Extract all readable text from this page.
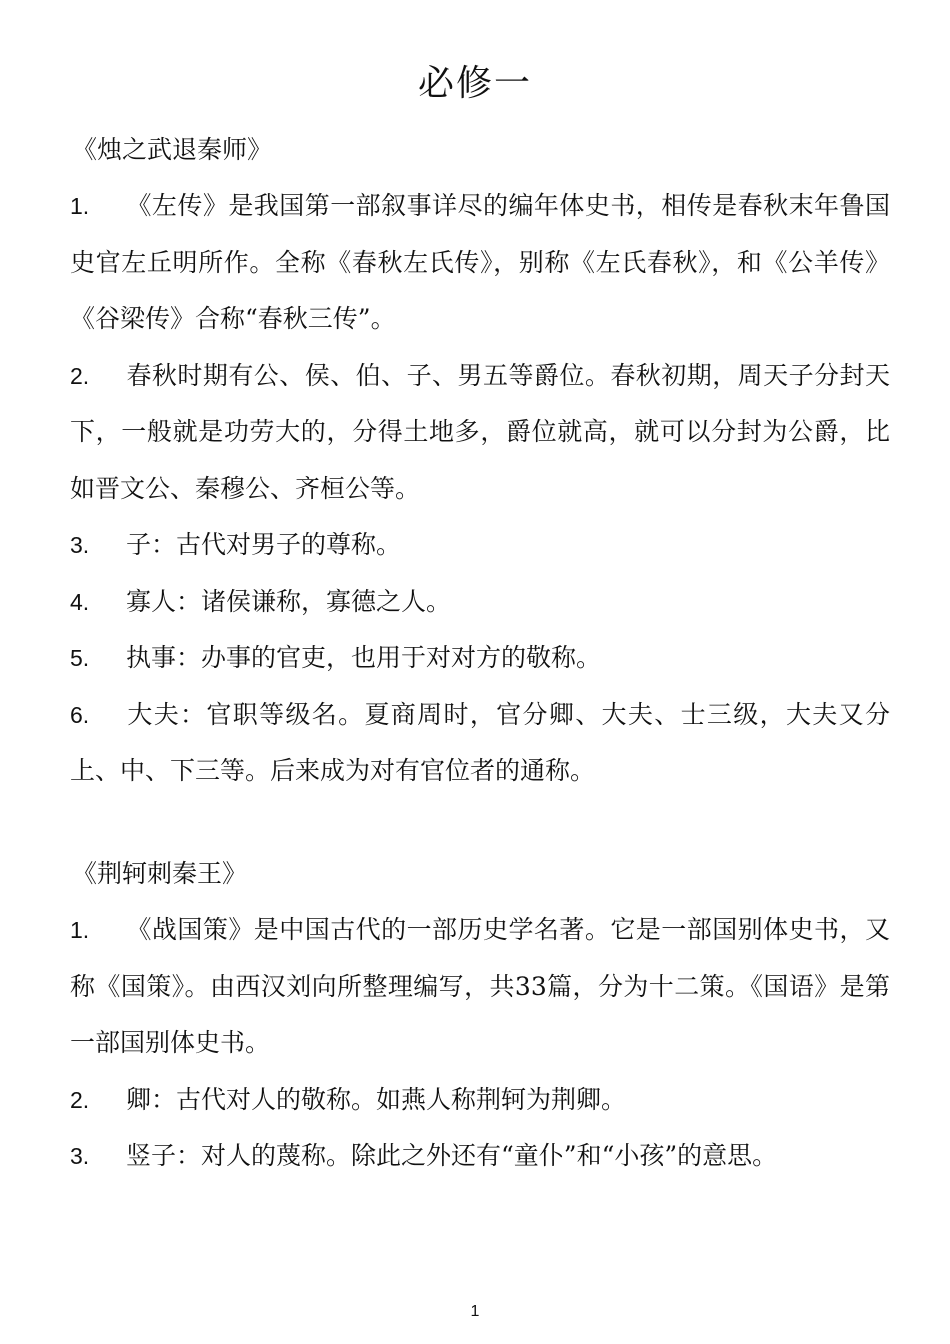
必修一
《烛之武退秦师》
1. 《左传》是我国第一部叙事详尽的编年体史书，相传是春秋末年鲁国史官左丘明所作。全称《春秋左氏传》，别称《左氏春秋》，和《公羊传》《谷梁传》合称“春秋三传”。
2. 春秋时期有公、侯、伯、子、男五等爵位。春秋初期，周天子分封天下，一般就是功劳大的，分得土地多，爵位就高，就可以分封为公爵，比如晋文公、秦穆公、齐桓公等。
3. 子：古代对男子的尊称。
4. 寡人：诸侯谦称，寡德之人。
5. 执事：办事的官吏，也用于对对方的敬称。
6. 大夫：官职等级名。夏商周时，官分卿、大夫、士三级，大夫又分上、中、下三等。后来成为对有官位者的通称。
《荆轲刺秦王》
1. 《战国策》是中国古代的一部历史学名著。它是一部国别体史书，又称《国策》。由西汉刘向所整理编写，共33篇，分为十二策。《国语》是第一部国别体史书。
2. 卿：古代对人的敬称。如燕人称荆轲为荆卿。
3. 竖子：对人的蔑称。除此之外还有“童仆”和“小孩”的意思。
1
